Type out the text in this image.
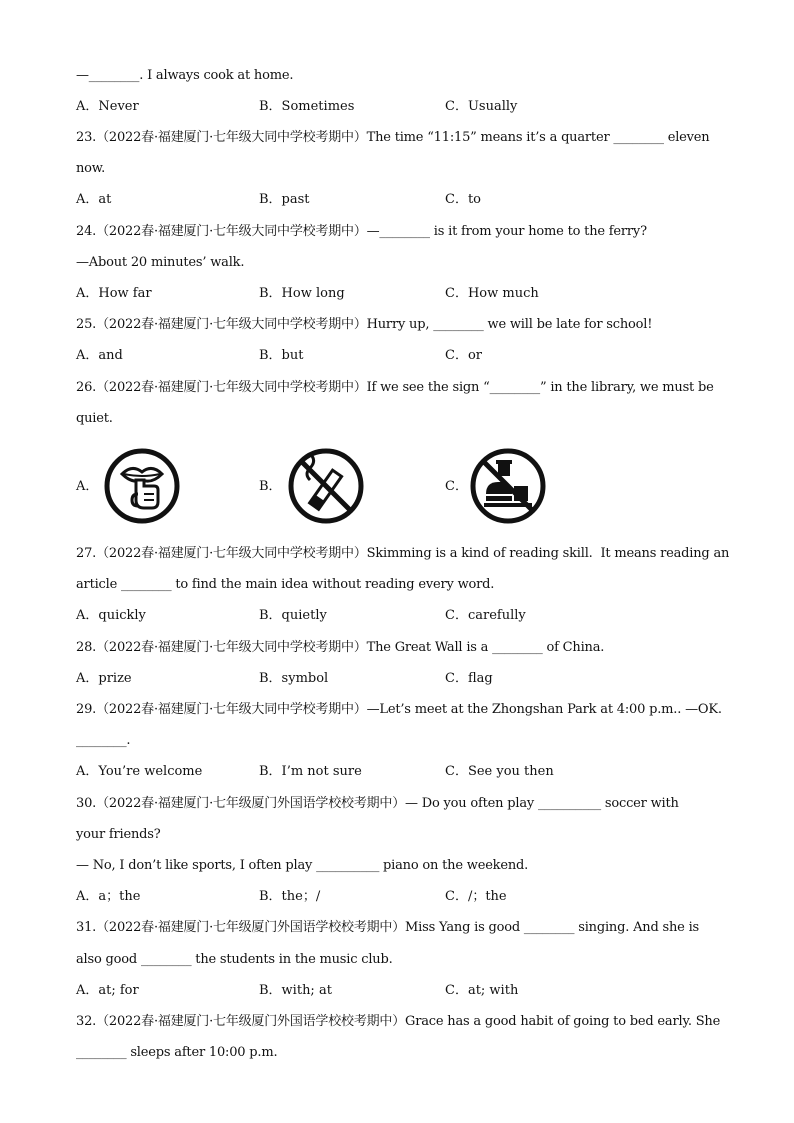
—________. I always cook at home.
A．Never	B．Sometimes	C．Usually
23.（2022春·福建厦门·七年级大同中学校考期中）The time “11:15” means it’s a quarter ________ eleven
now.
A．at	B．past	C．to
24.（2022春·福建厦门·七年级大同中学校考期中）—________ is it from your home to the ferry?
—About 20 minutes’ walk.
A．How far	B．How long	C．How much
25.（2022春·福建厦门·七年级大同中学校考期中）Hurry up, ________ we will be late for school!
A．and	B．but	C．or
26.（2022春·福建厦门·七年级大同中学校考期中）If we see the sign “________” in the library, we must be
quiet.
A．	B．	C．
27.（2022春·福建厦门·七年级大同中学校考期中）Skimming is a kind of reading skill.  It means reading an
article ________ to find the main idea without reading every word.
A．quickly	B．quietly	C．carefully
28.（2022春·福建厦门·七年级大同中学校考期中）The Great Wall is a ________ of China.
A．prize	B．symbol	C．flag
29.（2022春·福建厦门·七年级大同中学校考期中）—Let’s meet at the Zhongshan Park at 4:00 p.m.. —OK.
________.
A．You’re welcome	B．I’m not sure	C．See you then
30.（2022春·福建厦门·七年级厦门外国语学校校考期中）— Do you often play __________ soccer with
your friends?
— No, I don’t like sports, I often play __________ piano on the weekend.
A．a；the	B．the；/	C．/；the
31.（2022春·福建厦门·七年级厦门外国语学校校考期中）Miss Yang is good ________ singing. And she is
also good ________ the students in the music club.
A．at; for	B．with; at	C．at; with
32.（2022春·福建厦门·七年级厦门外国语学校校考期中）Grace has a good habit of going to bed early. She
________ sleeps after 10:00 p.m.
